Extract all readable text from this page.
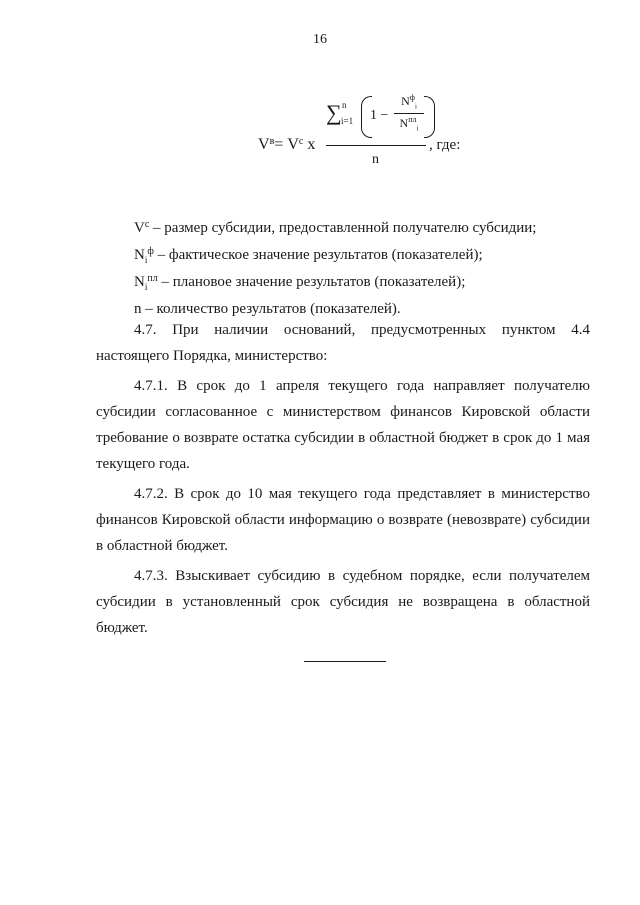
16
$V^в= V^c$ x
∑ n
i=1 1 −
$N^ф_i$
$N^{пл}_i$
n
, где:
$V^c$ – размер субсидии, предоставленной получателю субсидии;
$N_i^ф$ – фактическое значение результатов (показателей);
$N_i^{пл}$ – плановое значение результатов (показателей);
n – количество результатов (показателей).

4.7. При наличии оснований, предусмотренных пунктом 4.4 настоящего Порядка, министерство:

4.7.1. В срок до 1 апреля текущего года направляет получателю субсидии согласованное с министерством финансов Кировской области требование о возврате остатка субсидии в областной бюджет в срок до 1 мая текущего года.

4.7.2. В срок до 10 мая текущего года представляет в министерство финансов Кировской области информацию о возврате (невозврате) субсидии в областной бюджет.

4.7.3. Взыскивает субсидию в судебном порядке, если получателем субсидии в установленный срок субсидия не возвращена в областной бюджет.
